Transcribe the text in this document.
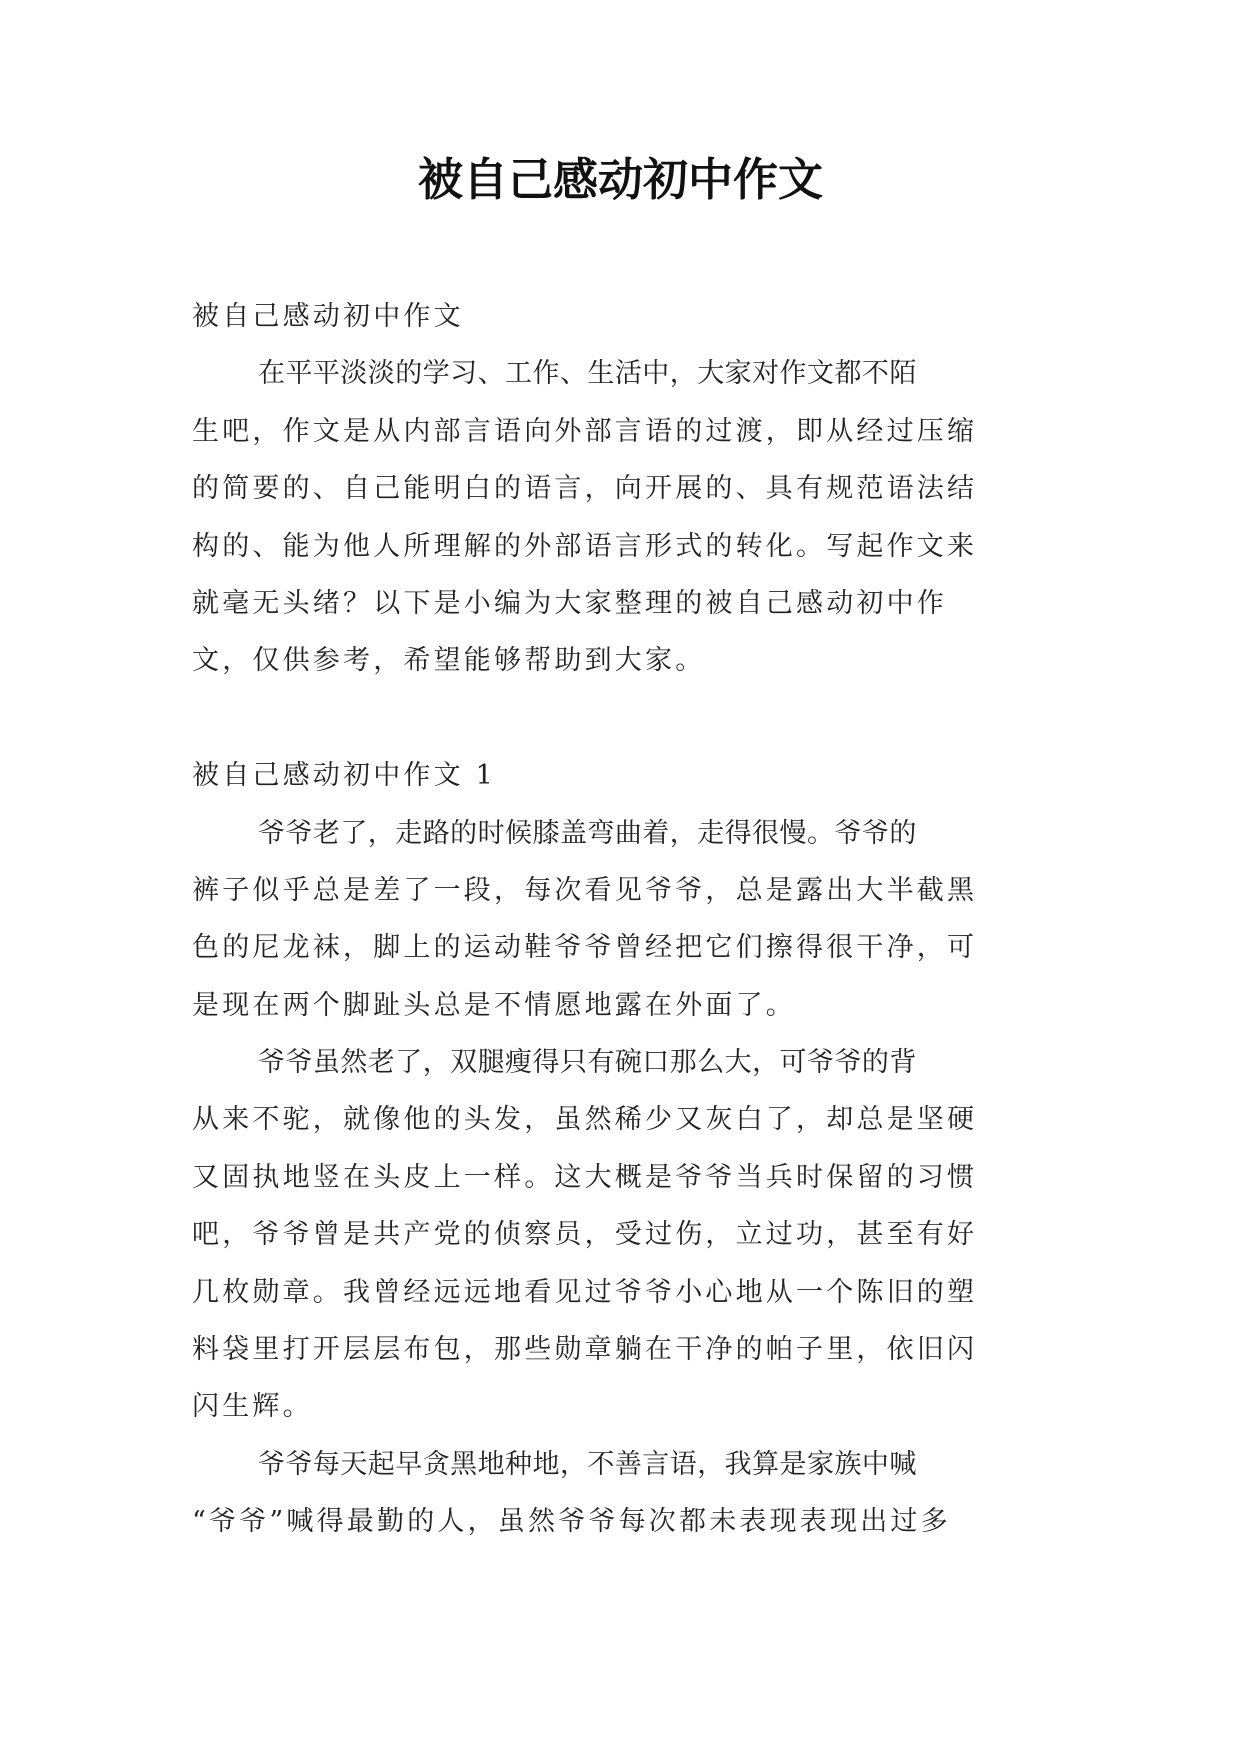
被自己感动初中作文

被自己感动初中作文

在平平淡淡的学习、工作、生活中，大家对作文都不陌

生吧，作文是从内部言语向外部言语的过渡，即从经过压缩

的简要的、自己能明白的语言，向开展的、具有规范语法结

构的、能为他人所理解的外部语言形式的转化。写起作文来

就毫无头绪？以下是小编为大家整理的被自己感动初中作

文，仅供参考，希望能够帮助到大家。

被自己感动初中作文 1

爷爷老了，走路的时候膝盖弯曲着，走得很慢。爷爷的

裤子似乎总是差了一段，每次看见爷爷，总是露出大半截黑

色的尼龙袜，脚上的运动鞋爷爷曾经把它们擦得很干净，可

是现在两个脚趾头总是不情愿地露在外面了。

爷爷虽然老了，双腿瘦得只有碗口那么大，可爷爷的背

从来不驼，就像他的头发，虽然稀少又灰白了，却总是坚硬

又固执地竖在头皮上一样。这大概是爷爷当兵时保留的习惯

吧，爷爷曾是共产党的侦察员，受过伤，立过功，甚至有好

几枚勋章。我曾经远远地看见过爷爷小心地从一个陈旧的塑

料袋里打开层层布包，那些勋章躺在干净的帕子里，依旧闪

闪生辉。

爷爷每天起早贪黑地种地，不善言语，我算是家族中喊

“爷爷”喊得最勤的人，虽然爷爷每次都未表现表现出过多
